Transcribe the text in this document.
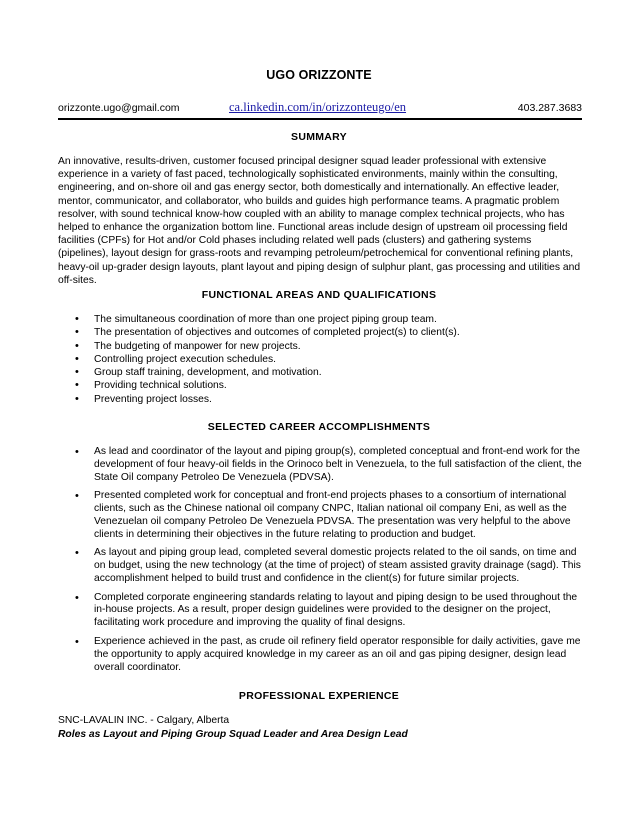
UGO ORIZZONTE
orizzonte.ugo@gmail.com	ca.linkedin.com/in/orizzonteugo/en	403.287.3683
SUMMARY
An innovative, results-driven, customer focused principal designer squad leader professional with extensive experience in a variety of fast paced, technologically sophisticated environments, mainly within the consulting, engineering, and on-shore oil and gas energy sector, both domestically and internationally. An effective leader, mentor, communicator, and collaborator, who builds and guides high performance teams. A pragmatic problem resolver, with sound technical know-how coupled with an ability to manage complex technical projects, who has helped to enhance the organization bottom line. Functional areas include design of upstream oil processing field facilities (CPFs) for Hot and/or Cold phases including related well pads (clusters) and gathering systems (pipelines), layout design for grass-roots and revamping petroleum/petrochemical for conventional refining plants, heavy-oil up-grader design layouts, plant layout and piping design of sulphur plant, gas processing and utilities and off-sites.
FUNCTIONAL AREAS AND QUALIFICATIONS
• The simultaneous coordination of more than one project piping group team.
• The presentation of objectives and outcomes of completed project(s) to client(s).
• The budgeting of manpower for new projects.
• Controlling project execution schedules.
• Group staff training, development, and motivation.
• Providing technical solutions.
• Preventing project losses.
SELECTED CAREER ACCOMPLISHMENTS
• As lead and coordinator of the layout and piping group(s), completed conceptual and front-end work for the development of four heavy-oil fields in the Orinoco belt in Venezuela, to the full satisfaction of the client, the State Oil company Petroleo De Venezuela (PDVSA).
• Presented completed work for conceptual and front-end projects phases to a consortium of international clients, such as the Chinese national oil company CNPC, Italian national oil company Eni, as well as the Venezuelan oil company Petroleo De Venezuela PDVSA. The presentation was very helpful to the above clients in determining their objectives in the future relating to production and budget.
• As layout and piping group lead, completed several domestic projects related to the oil sands, on time and on budget, using the new technology (at the time of project) of steam assisted gravity drainage (sagd). This accomplishment helped to build trust and confidence in the client(s) for future similar projects.
• Completed corporate engineering standards relating to layout and piping design to be used throughout the in-house projects. As a result, proper design guidelines were provided to the designer on the project, facilitating work procedure and improving the quality of final designs.
• Experience achieved in the past, as crude oil refinery field operator responsible for daily activities, gave me the opportunity to apply acquired knowledge in my career as an oil and gas piping designer, design lead overall coordinator.
PROFESSIONAL EXPERIENCE
SNC-LAVALIN INC. - Calgary, Alberta
Roles as Layout and Piping Group Squad Leader and Area Design Lead
